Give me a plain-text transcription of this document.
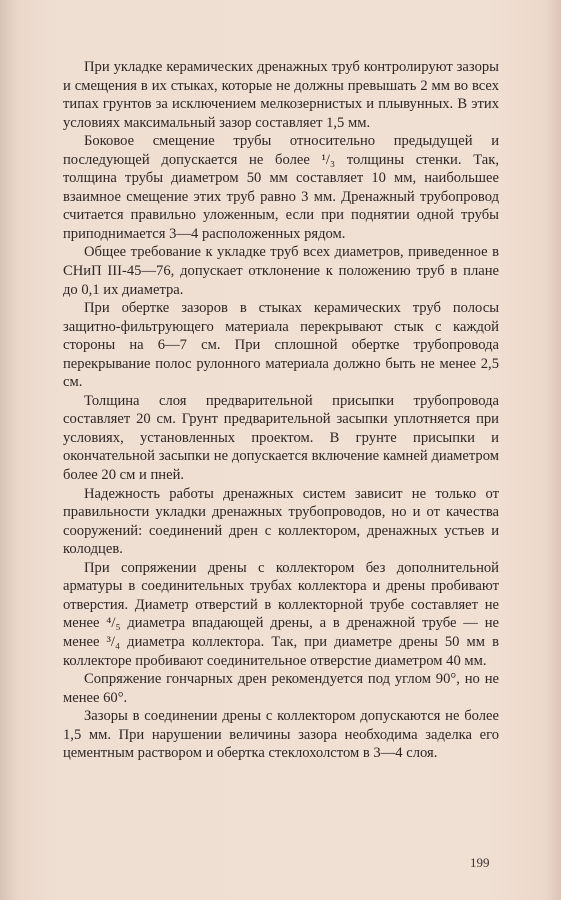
При укладке керамических дренажных труб контролируют зазоры и смещения в их стыках, которые не должны превышать 2 мм во всех типах грунтов за исключением мелкозернистых и плывунных. В этих условиях максимальный зазор составляет 1,5 мм.

Боковое смещение трубы относительно предыдущей и последующей допускается не более ¹/₃ толщины стенки. Так, толщина трубы диаметром 50 мм составляет 10 мм, наибольшее взаимное смещение этих труб равно 3 мм. Дренажный трубопровод считается правильно уложенным, если при поднятии одной трубы приподнимается 3—4 расположенных рядом.

Общее требование к укладке труб всех диаметров, приведенное в СНиП III-45—76, допускает отклонение к положению труб в плане до 0,1 их диаметра.

При обертке зазоров в стыках керамических труб полосы защитно-фильтрующего материала перекрывают стык с каждой стороны на 6—7 см. При сплошной обертке трубопровода перекрывание полос рулонного материала должно быть не менее 2,5 см.

Толщина слоя предварительной присыпки трубопровода составляет 20 см. Грунт предварительной засыпки уплотняется при условиях, установленных проектом. В грунте присыпки и окончательной засыпки не допускается включение камней диаметром более 20 см и пней.

Надежность работы дренажных систем зависит не только от правильности укладки дренажных трубопроводов, но и от качества сооружений: соединений дрен с коллектором, дренажных устьев и колодцев.

При сопряжении дрены с коллектором без дополнительной арматуры в соединительных трубах коллектора и дрены пробивают отверстия. Диаметр отверстий в коллекторной трубе составляет не менее ⁴/₅ диаметра впадающей дрены, а в дренажной трубе — не менее ³/₄ диаметра коллектора. Так, при диаметре дрены 50 мм в коллекторе пробивают соединительное отверстие диаметром 40 мм.

Сопряжение гончарных дрен рекомендуется под углом 90°, но не менее 60°.

Зазоры в соединении дрены с коллектором допускаются не более 1,5 мм. При нарушении величины зазора необходима заделка его цементным раствором и обертка стеклохолстом в 3—4 слоя.

199
